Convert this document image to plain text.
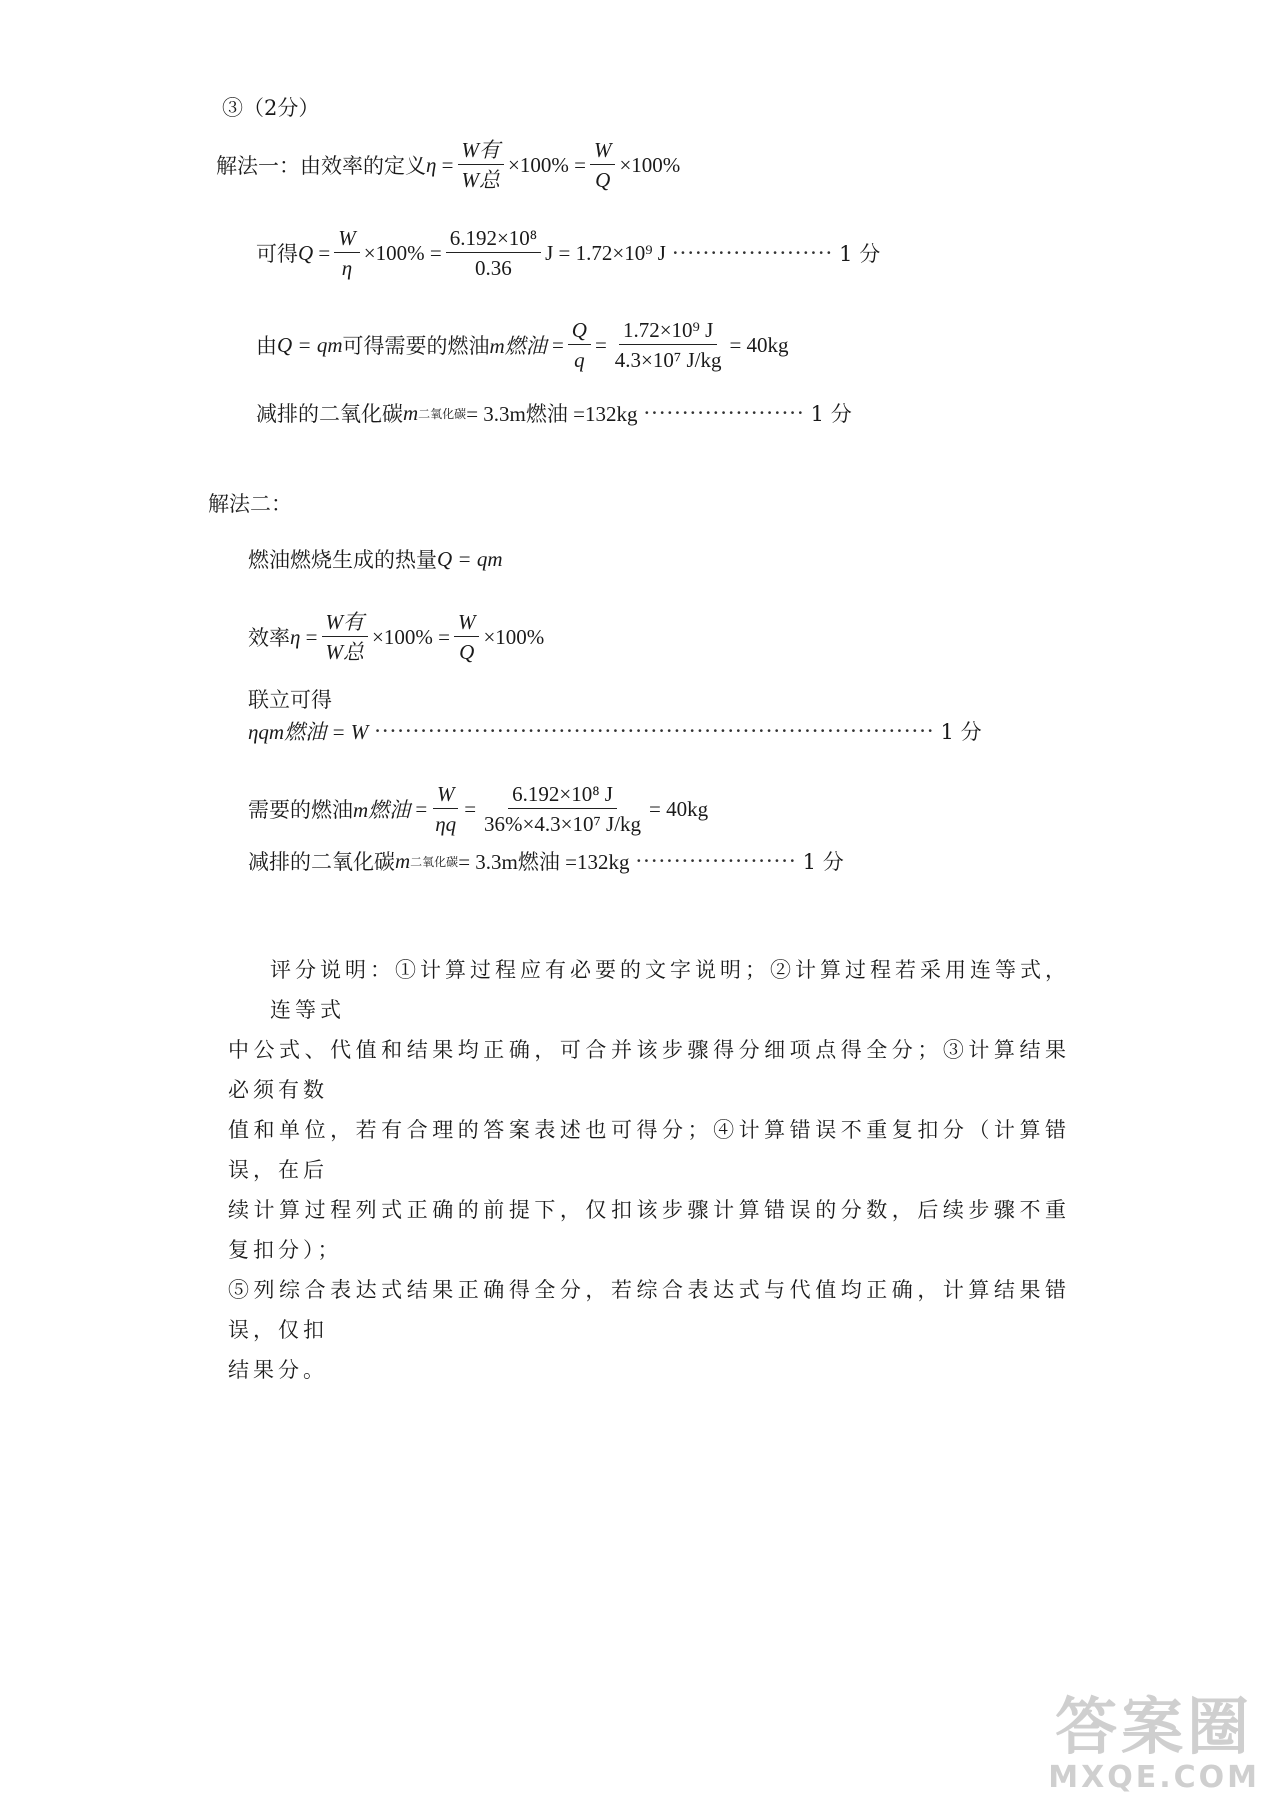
③（2分）
解法一： 由效率的定义 $\eta = \frac{\text{W有}}{\text{W总}} \times 100\% = \frac{W}{Q} \times 100\%$
可得 $Q = \frac{W}{\eta} \times 100\% = \frac{\text{6.192×10⁸}}{0.36}$ J = 1.72×10⁹ J ····················· 1 分
由 Q = qm 可得需要的燃油 m燃油 = $\frac{Q}{q} = \frac{\text{1.72×10⁹ J}}{\text{4.3×10⁷ J/kg}} = 40kg$
减排的二氧化碳 m 二氧化碳 = 3.3m燃油 =132kg ····················· 1 分
解法二：
燃油燃烧生成的热量 Q = qm
效率 $\eta = \frac{\text{W有}}{\text{W总}} \times 100\% = \frac{W}{Q} \times 100\%$
联立可得
ηqm燃油 = W ········································································· 1 分
需要的燃油 m燃油 = $\frac{W}{\eta q} = \frac{\text{6.192×10⁸ J}}{\text{36\%×4.3×10⁷ J/kg}} = 40kg$
减排的二氧化碳 m 二氧化碳 = 3.3m燃油 =132kg ····················· 1 分
评分说明：①计算过程应有必要的文字说明；②计算过程若采用连等式，连等式
中公式、代值和结果均正确，可合并该步骤得分细项点得全分；③计算结果必须有数
值和单位，若有合理的答案表述也可得分；④计算错误不重复扣分（计算错误，在后
续计算过程列式正确的前提下，仅扣该步骤计算错误的分数，后续步骤不重复扣分）；
⑤列综合表达式结果正确得全分，若综合表达式与代值均正确，计算结果错误，仅扣
结果分。
答案圈
MXQE.COM
